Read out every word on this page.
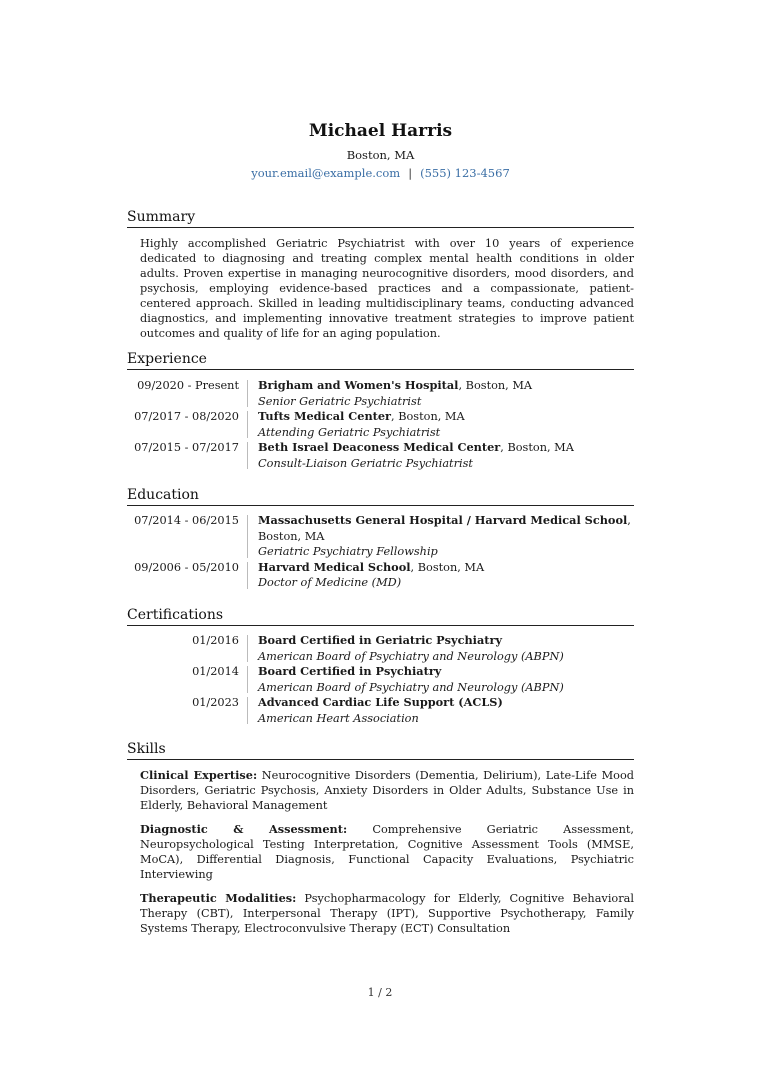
Michael Harris
Boston, MA
your.email@example.com | (555) 123-4567
Summary
Highly accomplished Geriatric Psychiatrist with over 10 years of experience dedicated to diagnosing and treating complex mental health conditions in older adults. Proven expertise in managing neurocognitive disorders, mood disorders, and psychosis, employing evidence-based practices and a compassionate, patient-centered approach. Skilled in leading multidisciplinary teams, conducting advanced diagnostics, and implementing innovative treatment strategies to improve patient outcomes and quality of life for an aging population.
Experience
09/2020 - Present	Brigham and Women's Hospital, Boston, MA
Senior Geriatric Psychiatrist
07/2017 - 08/2020	Tufts Medical Center, Boston, MA
Attending Geriatric Psychiatrist
07/2015 - 07/2017	Beth Israel Deaconess Medical Center, Boston, MA
Consult-Liaison Geriatric Psychiatrist
Education
07/2014 - 06/2015	Massachusetts General Hospital / Harvard Medical School, Boston, MA
Geriatric Psychiatry Fellowship
09/2006 - 05/2010	Harvard Medical School, Boston, MA
Doctor of Medicine (MD)
Certifications
01/2016	Board Certified in Geriatric Psychiatry
American Board of Psychiatry and Neurology (ABPN)
01/2014	Board Certified in Psychiatry
American Board of Psychiatry and Neurology (ABPN)
01/2023	Advanced Cardiac Life Support (ACLS)
American Heart Association
Skills
Clinical Expertise: Neurocognitive Disorders (Dementia, Delirium), Late-Life Mood Disorders, Geriatric Psychosis, Anxiety Disorders in Older Adults, Substance Use in Elderly, Behavioral Management
Diagnostic & Assessment: Comprehensive Geriatric Assessment, Neuropsychological Testing Interpretation, Cognitive Assessment Tools (MMSE, MoCA), Differential Diagnosis, Functional Capacity Evaluations, Psychiatric Interviewing
Therapeutic Modalities: Psychopharmacology for Elderly, Cognitive Behavioral Therapy (CBT), Interpersonal Therapy (IPT), Supportive Psychotherapy, Family Systems Therapy, Electroconvulsive Therapy (ECT) Consultation
1 / 2
